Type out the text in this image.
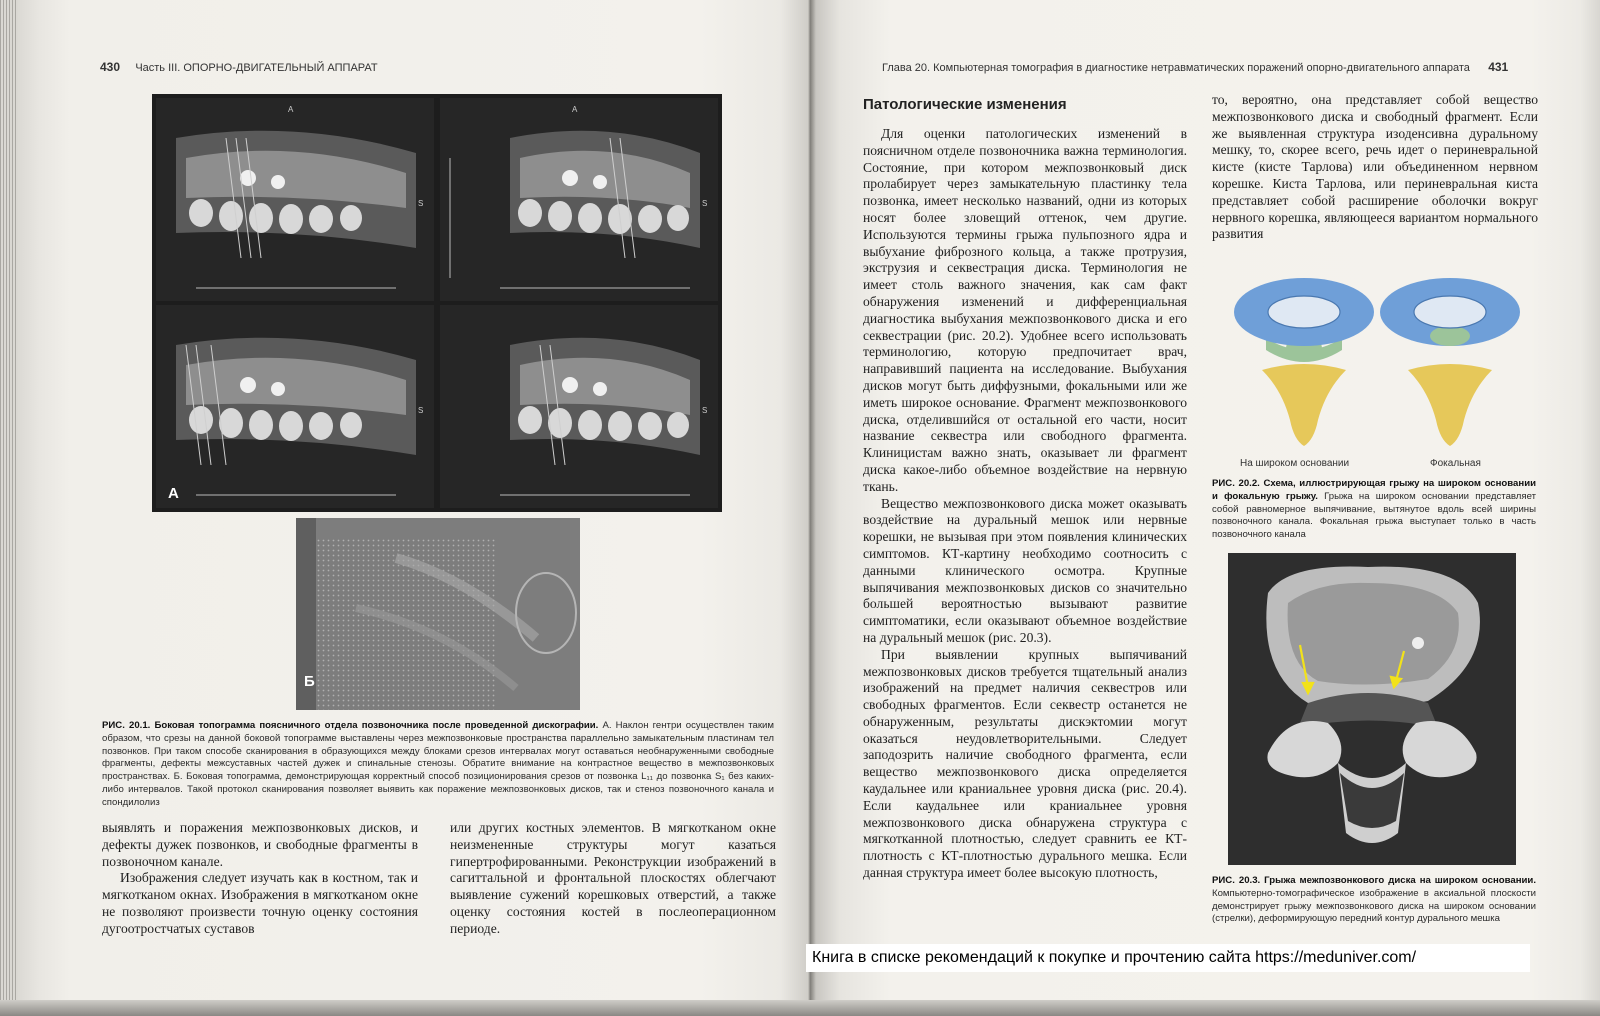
430 Часть III. ОПОРНО-ДВИГАТЕЛЬНЫЙ АППАРАТ
A
S
A
S
S
А
S
Б
РИС. 20.1. Боковая топограмма поясничного отдела позвоночника после проведенной дискографии. А. Наклон гентри осуществлен таким образом, что срезы на данной боковой топограмме выставлены через межпозвонковые пространства параллельно замыкательным пластинам тел позвонков. При таком способе сканирования в образующихся между блоками срезов интервалах могут оставаться необнаруженными свободные фрагменты, дефекты межсуставных частей дужек и спинальные стенозы. Обратите внимание на контрастное вещество в межпозвонковых пространствах. Б. Боковая топограмма, демонстрирующая корректный способ позиционирования срезов от позвонка L₁₁ до позвонка S₁ без каких-либо интервалов. Такой протокол сканирования позволяет выявить как поражение межпозвонковых дисков, так и стеноз позвоночного канала и спондилолиз

выявлять и поражения межпозвонковых дисков, и дефекты дужек позвонков, и свободные фрагменты в позвоночном канале.

Изображения следует изучать как в костном, так и мягкотканом окнах. Изображения в мягкотканом окне не позволяют произвести точную оценку состояния дугоотростчатых суставов

или других костных элементов. В мягкотканом окне неизмененные структуры могут казаться гипертрофированными. Реконструкции изображений в сагиттальной и фронтальной плоскостях облегчают выявление сужений корешковых отверстий, а также оценку состояния костей в послеоперационном периоде.

Глава 20. Компьютерная томография в диагностике нетравматических поражений опорно-двигательного аппарата 431
Патологические изменения

Для оценки патологических изменений в поясничном отделе позвоночника важна терминология. Состояние, при котором межпозвонковый диск пролабирует через замыкательную пластинку тела позвонка, имеет несколько названий, одни из которых носят более зловещий оттенок, чем другие. Используются термины грыжа пульпозного ядра и выбухание фиброзного кольца, а также протрузия, экструзия и секвестрация диска. Терминология не имеет столь важного значения, как сам факт обнаружения изменений и дифференциальная диагностика выбухания межпозвонкового диска и его секвестрации (рис. 20.2). Удобнее всего использовать терминологию, которую предпочитает врач, направивший пациента на исследование. Выбухания дисков могут быть диффузными, фокальными или же иметь широкое основание. Фрагмент межпозвонкового диска, отделившийся от остальной его части, носит название секвестра или свободного фрагмента. Клиницистам важно знать, оказывает ли фрагмент диска какое-либо объемное воздействие на нервную ткань.

Вещество межпозвонкового диска может оказывать воздействие на дуральный мешок или нервные корешки, не вызывая при этом появления клинических симптомов. КТ-картину необходимо соотносить с данными клинического осмотра. Крупные выпячивания межпозвонковых дисков со значительно большей вероятностью вызывают развитие симптоматики, если оказывают объемное воздействие на дуральный мешок (рис. 20.3).

При выявлении крупных выпячиваний межпозвонковых дисков требуется тщательный анализ изображений на предмет наличия секвестров или свободных фрагментов. Если секвестр останется не обнаруженным, результаты дискэктомии могут оказаться неудовлетворительными. Следует заподозрить наличие свободного фрагмента, если вещество межпозвонкового диска определяется каудальнее или краниальнее уровня диска (рис. 20.4). Если каудальнее или краниальнее уровня межпозвонкового диска обнаружена структура с мягкотканной плотностью, следует сравнить ее КТ-плотность с КТ-плотностью дурального мешка. Если данная структура имеет более высокую плотность,

то, вероятно, она представляет собой вещество межпозвонкового диска и свободный фрагмент. Если же выявленная структура изоденсивна дуральному мешку, то, скорее всего, речь идет о периневральной кисте (кисте Тарлова) или объединенном нервном корешке. Киста Тарлова, или периневральная киста представляет собой расширение оболочки вокруг нервного корешка, являющееся вариантом нормального развития

На широком основании	Фокальная
РИС. 20.2. Схема, иллюстрирующая грыжу на широком основании и фокальную грыжу. Грыжа на широком основании представляет собой равномерное выпячивание, вытянутое вдоль всей ширины позвоночного канала. Фокальная грыжа выступает только в часть позвоночного канала
РИС. 20.3. Грыжа межпозвонкового диска на широком основании. Компьютерно-томографическое изображение в аксиальной плоскости демонстрирует грыжу межпозвонкового диска на широком основании (стрелки), деформирующую передний контур дурального мешка
Книга в списке рекомендаций к покупке и прочтению сайта https://meduniver.com/
